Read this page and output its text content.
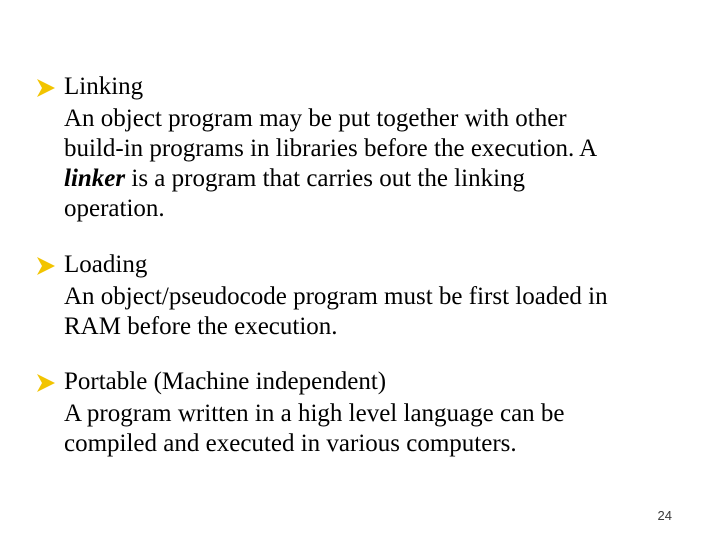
Linking
An object program may be put together with other
build-in programs in libraries before the execution. A
linker is a program that carries out the linking
operation.
Loading
An object/pseudocode program must be first loaded in
RAM before the execution.
Portable (Machine independent)
A program written in a high level language can be
compiled and executed in various computers.
24
